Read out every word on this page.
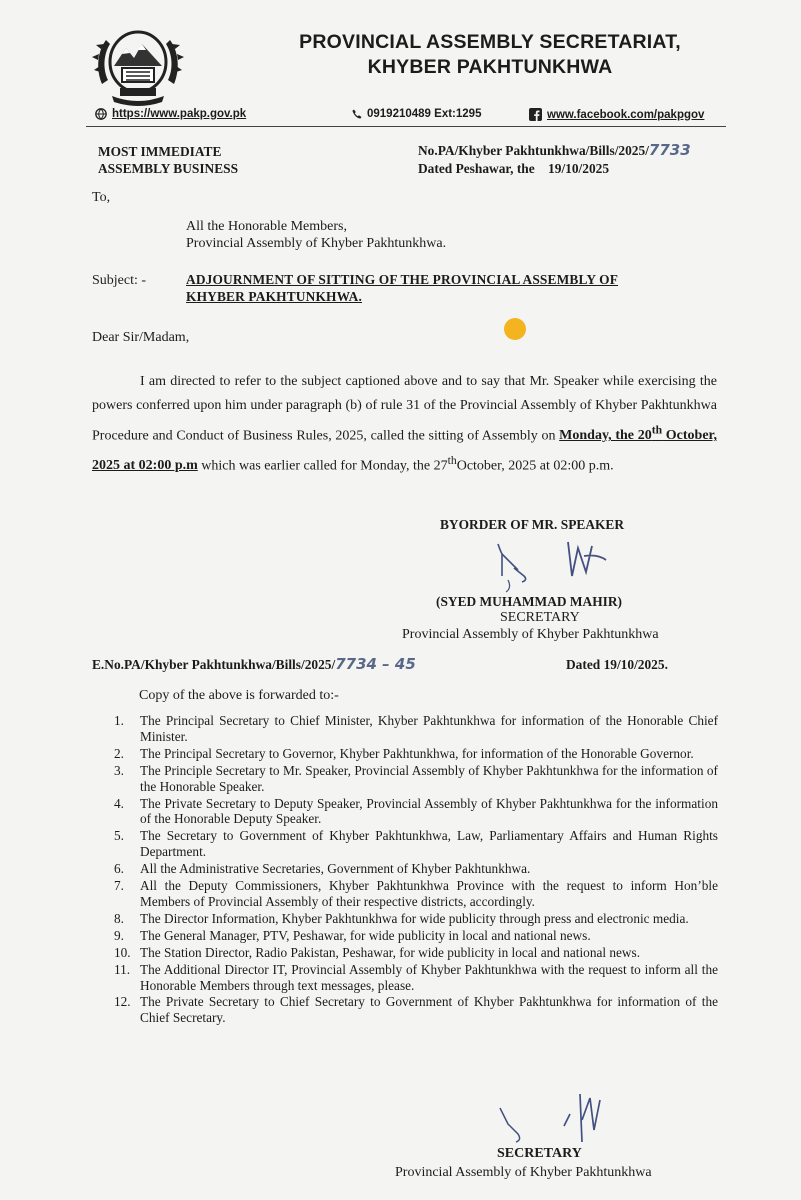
PROVINCIAL ASSEMBLY SECRETARIAT,
KHYBER PAKHTUNKHWA
https://www.pakp.gov.pk	0919210489 Ext:1295	www.facebook.com/pakpgov
MOST IMMEDIATE
ASSEMBLY BUSINESS
No.PA/Khyber Pakhtunkhwa/Bills/2025/7733
Dated Peshawar, the    19/10/2025
To,
All the Honorable Members,
Provincial Assembly of Khyber Pakhtunkhwa.
Subject: -	ADJOURNMENT OF SITTING OF THE PROVINCIAL ASSEMBLY OF
KHYBER PAKHTUNKHWA.
Dear Sir/Madam,

I am directed to refer to the subject captioned above and to say that Mr. Speaker while exercising the powers conferred upon him under paragraph (b) of rule 31 of the Provincial Assembly of Khyber Pakhtunkhwa Procedure and Conduct of Business Rules, 2025, called the sitting of Assembly on Monday, the 20th October, 2025 at 02:00 p.m which was earlier called for Monday, the 27thOctober, 2025 at 02:00 p.m.

BYORDER OF MR. SPEAKER
(SYED MUHAMMAD MAHIR)
SECRETARY
Provincial Assembly of Khyber Pakhtunkhwa
E.No.PA/Khyber Pakhtunkhwa/Bills/2025/7734 – 45	Dated 19/10/2025.
Copy of the above is forwarded to:-
1.	The Principal Secretary to Chief Minister, Khyber Pakhtunkhwa for information of the Honorable Chief Minister.
2.	The Principal Secretary to Governor, Khyber Pakhtunkhwa, for information of the Honorable Governor.
3.	The Principle Secretary to Mr. Speaker, Provincial Assembly of Khyber Pakhtunkhwa for the information of the Honorable Speaker.
4.	The Private Secretary to Deputy Speaker, Provincial Assembly of Khyber Pakhtunkhwa for the information of the Honorable Deputy Speaker.
5.	The Secretary to Government of Khyber Pakhtunkhwa, Law, Parliamentary Affairs and Human Rights Department.
6.	All the Administrative Secretaries, Government of Khyber Pakhtunkhwa.
7.	All the Deputy Commissioners, Khyber Pakhtunkhwa Province with the request to inform Hon’ble Members of Provincial Assembly of their respective districts, accordingly.
8.	The Director Information, Khyber Pakhtunkhwa for wide publicity through press and electronic media.
9.	The General Manager, PTV, Peshawar, for wide publicity in local and national news.
10. The Station Director, Radio Pakistan, Peshawar, for wide publicity in local and national news.
11. The Additional Director IT, Provincial Assembly of Khyber Pakhtunkhwa with the request to inform all the Honorable Members through text messages, please.
12. The Private Secretary to Chief Secretary to Government of Khyber Pakhtunkhwa for information of the Chief Secretary.
SECRETARY
Provincial Assembly of Khyber Pakhtunkhwa
